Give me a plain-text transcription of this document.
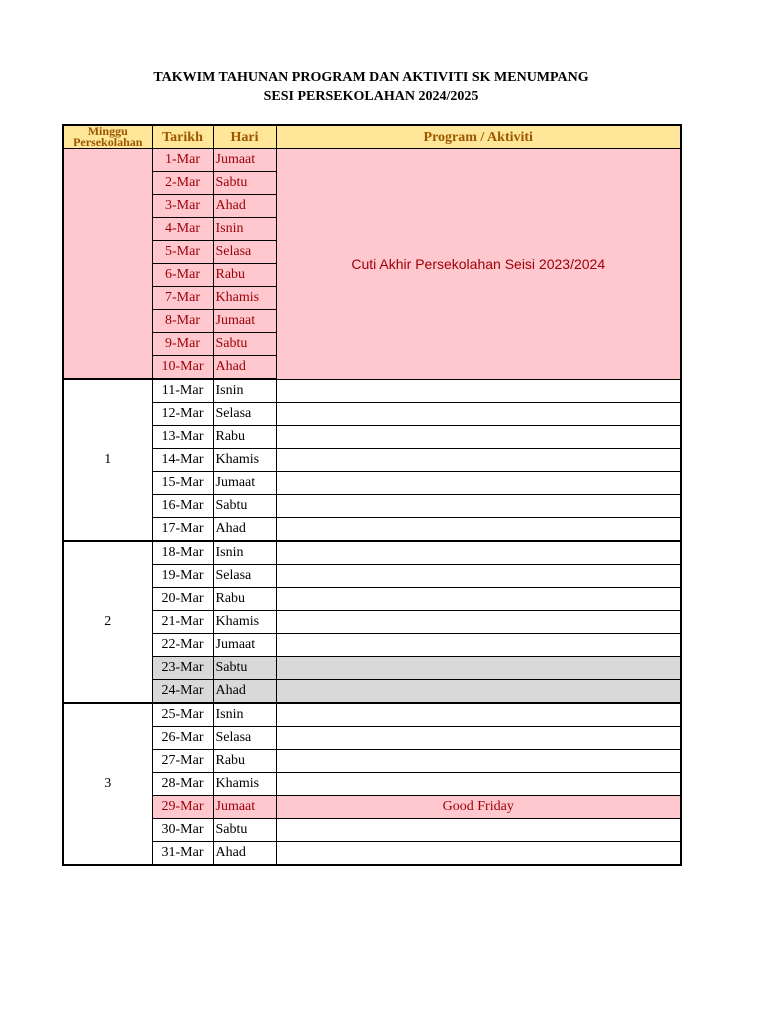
TAKWIM TAHUNAN PROGRAM DAN AKTIVITI SK MENUMPANG
SESI PERSEKOLAHAN 2024/2025
Minggu
Persekolahan	Tarikh	Hari	Program / Aktiviti
	1-Mar	Jumaat	Cuti Akhir Persekolahan Seisi 2023/2024
	2-Mar	Sabtu	
	3-Mar	Ahad	
	4-Mar	Isnin	
	5-Mar	Selasa	
	6-Mar	Rabu	
	7-Mar	Khamis	
	8-Mar	Jumaat	
	9-Mar	Sabtu	
	10-Mar	Ahad	
1	11-Mar	Isnin	
	12-Mar	Selasa	
	13-Mar	Rabu	
	14-Mar	Khamis	
	15-Mar	Jumaat	
	16-Mar	Sabtu	
	17-Mar	Ahad	
2	18-Mar	Isnin	
	19-Mar	Selasa	
	20-Mar	Rabu	
	21-Mar	Khamis	
	22-Mar	Jumaat	
	23-Mar	Sabtu	
	24-Mar	Ahad	
3	25-Mar	Isnin	
	26-Mar	Selasa	
	27-Mar	Rabu	
	28-Mar	Khamis	
	29-Mar	Jumaat	Good Friday
	30-Mar	Sabtu	
	31-Mar	Ahad	
